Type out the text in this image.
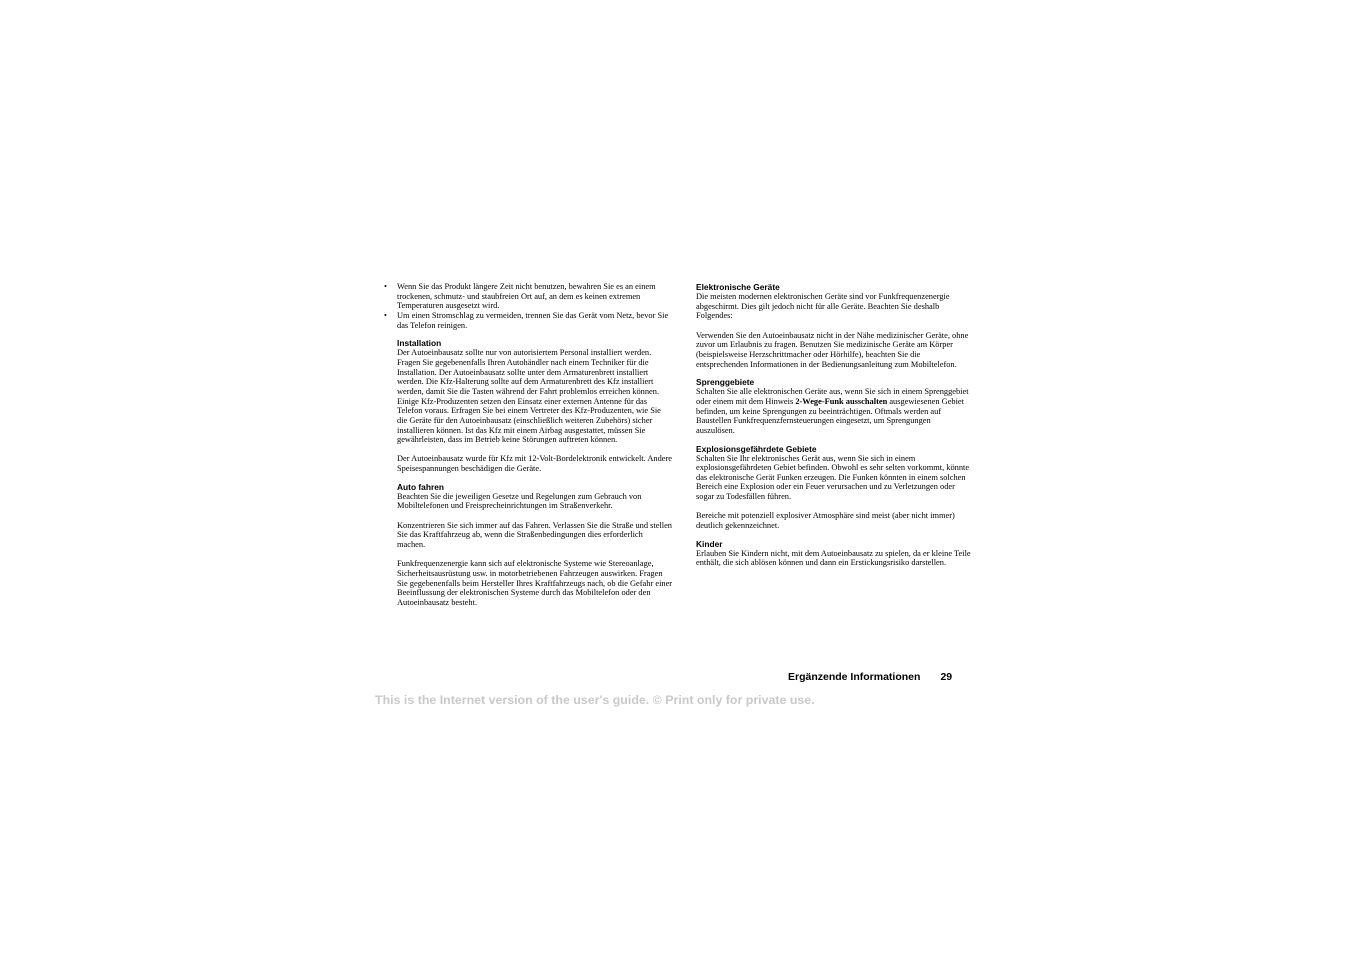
• Wenn Sie das Produkt längere Zeit nicht benutzen, bewahren Sie es an einem trockenen, schmutz- und staubfreien Ort auf, an dem es keinen extremen Temperaturen ausgesetzt wird.
• Um einen Stromschlag zu vermeiden, trennen Sie das Gerät vom Netz, bevor Sie das Telefon reinigen.
Installation

Der Autoeinbausatz sollte nur von autorisiertem Personal installiert werden. Fragen Sie gegebenenfalls Ihren Autohändler nach einem Techniker für die Installation. Der Autoeinbausatz sollte unter dem Armaturenbrett installiert werden. Die Kfz-Halterung sollte auf dem Armaturenbrett des Kfz installiert werden, damit Sie die Tasten während der Fahrt problemlos erreichen können. Einige Kfz-Produzenten setzen den Einsatz einer externen Antenne für das Telefon voraus. Erfragen Sie bei einem Vertreter des Kfz-Produzenten, wie Sie die Geräte für den Autoeinbausatz (einschließlich weiteren Zubehörs) sicher installieren können. Ist das Kfz mit einem Airbag ausgestattet, müssen Sie gewährleisten, dass im Betrieb keine Störungen auftreten können.

Der Autoeinbausatz wurde für Kfz mit 12-Volt-Bordelektronik entwickelt. Andere Speisespannungen beschädigen die Geräte.

Auto fahren

Beachten Sie die jeweiligen Gesetze und Regelungen zum Gebrauch von Mobiltelefonen und Freisprecheinrichtungen im Straßenverkehr.

Konzentrieren Sie sich immer auf das Fahren. Verlassen Sie die Straße und stellen Sie das Kraftfahrzeug ab, wenn die Straßenbedingungen dies erforderlich machen.

Funkfrequenzenergie kann sich auf elektronische Systeme wie Stereoanlage, Sicherheitsausrüstung usw. in motorbetriebenen Fahrzeugen auswirken. Fragen Sie gegebenenfalls beim Hersteller Ihres Kraftfahrzeugs nach, ob die Gefahr einer Beeinflussung der elektronischen Systeme durch das Mobiltelefon oder den Autoeinbausatz besteht.

Elektronische Geräte

Die meisten modernen elektronischen Geräte sind vor Funkfrequenzenergie abgeschirmt. Dies gilt jedoch nicht für alle Geräte. Beachten Sie deshalb Folgendes:

Verwenden Sie den Autoeinbausatz nicht in der Nähe medizinischer Geräte, ohne zuvor um Erlaubnis zu fragen. Benutzen Sie medizinische Geräte am Körper (beispielsweise Herzschrittmacher oder Hörhilfe), beachten Sie die entsprechenden Informationen in der Bedienungsanleitung zum Mobiltelefon.

Sprenggebiete

Schalten Sie alle elektronischen Geräte aus, wenn Sie sich in einem Sprenggebiet oder einem mit dem Hinweis 2-Wege-Funk ausschalten ausgewiesenen Gebiet befinden, um keine Sprengungen zu beeinträchtigen. Oftmals werden auf Baustellen Funkfrequenzfernsteuerungen eingesetzt, um Sprengungen auszulösen.

Explosionsgefährdete Gebiete

Schalten Sie Ihr elektronisches Gerät aus, wenn Sie sich in einem explosionsgefährdeten Gebiet befinden. Obwohl es sehr selten vorkommt, könnte das elektronische Gerät Funken erzeugen. Die Funken könnten in einem solchen Bereich eine Explosion oder ein Feuer verursachen und zu Verletzungen oder sogar zu Todesfällen führen.

Bereiche mit potenziell explosiver Atmosphäre sind meist (aber nicht immer) deutlich gekennzeichnet.

Kinder

Erlauben Sie Kindern nicht, mit dem Autoeinbausatz zu spielen, da er kleine Teile enthält, die sich ablösen können und dann ein Erstickungsrisiko darstellen.

Ergänzende Informationen 29
This is the Internet version of the user's guide. © Print only for private use.
